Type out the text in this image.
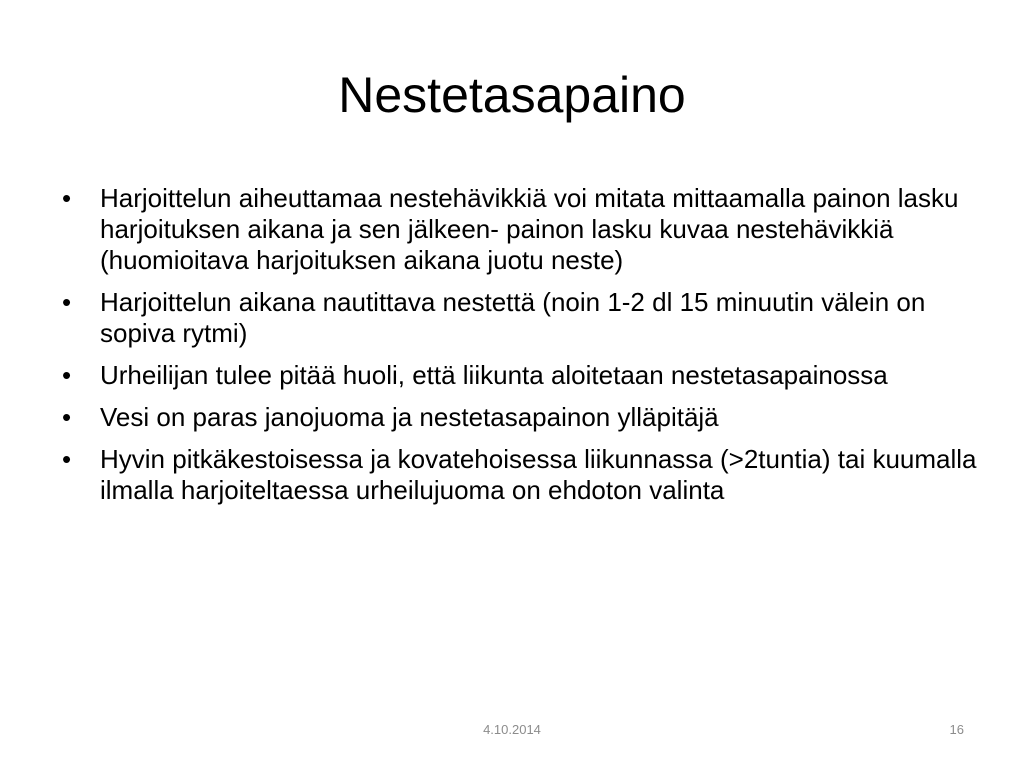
Nestetasapaino
•	Harjoittelun aiheuttamaa nestehävikkiä voi mitata mittaamalla painon lasku harjoituksen aikana ja sen jälkeen- painon lasku kuvaa nestehävikkiä (huomioitava harjoituksen aikana juotu neste)
•	Harjoittelun aikana nautittava nestettä (noin 1-2 dl 15 minuutin välein on sopiva rytmi)
•	Urheilijan tulee pitää huoli, että liikunta aloitetaan nestetasapainossa
•	Vesi on paras janojuoma ja nestetasapainon ylläpitäjä
•	Hyvin pitkäkestoisessa ja kovatehoisessa liikunnassa (>2tuntia) tai kuumalla ilmalla harjoiteltaessa urheilujuoma on ehdoton valinta
4.10.2014	16
